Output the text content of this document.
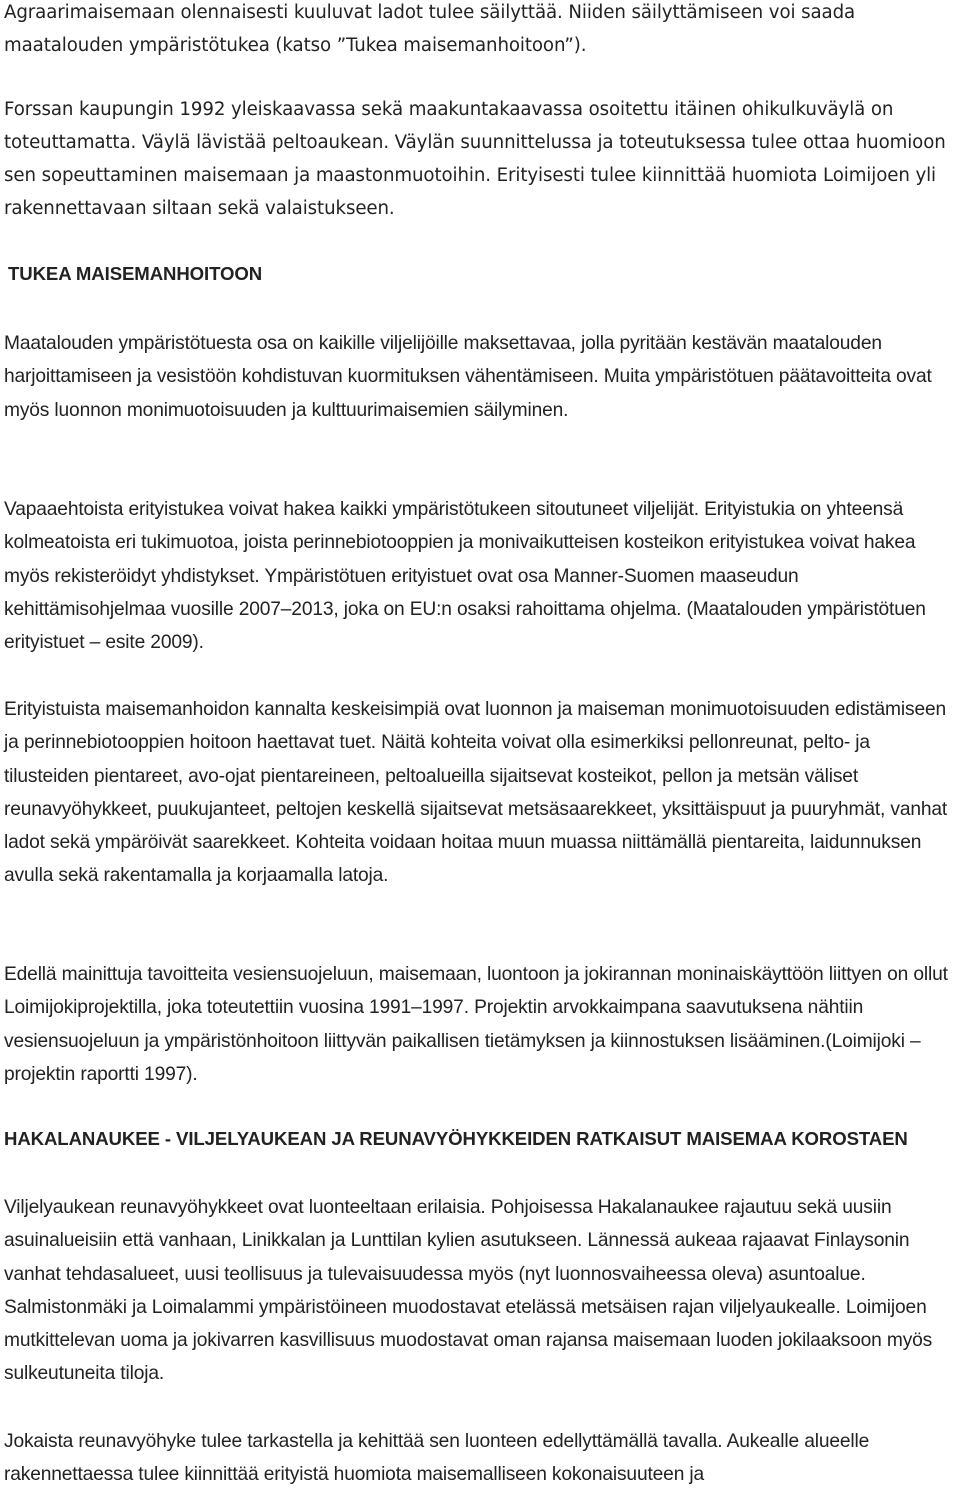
Agraarimaisemaan olennaisesti kuuluvat ladot tulee säilyttää. Niiden säilyttämiseen voi saada maatalouden ympäristötukea (katso ”Tukea maisemanhoitoon”).

Forssan kaupungin 1992 yleiskaavassa sekä maakuntakaavassa osoitettu itäinen ohikulkuväylä on toteuttamatta. Väylä lävistää peltoaukean. Väylän suunnittelussa ja toteutuksessa tulee ottaa huomioon sen sopeuttaminen maisemaan ja maastonmuotoihin. Erityisesti tulee kiinnittää huomiota Loimijoen yli rakennettavaan siltaan sekä valaistukseen.

TUKEA MAISEMANHOITOON

Maatalouden ympäristötuesta osa on kaikille viljelijöille maksettavaa, jolla pyritään kestävän maatalouden harjoittamiseen ja vesistöön kohdistuvan kuormituksen vähentämiseen. Muita ympäristötuen päätavoitteita ovat myös luonnon monimuotoisuuden ja kulttuurimaisemien säilyminen.

Vapaaehtoista erityistukea voivat hakea kaikki ympäristötukeen sitoutuneet viljelijät. Erityistukia on yhteensä kolmeatoista eri tukimuotoa, joista perinnebiotooppien ja monivaikutteisen kosteikon erityistukea voivat hakea myös rekisteröidyt yhdistykset. Ympäristötuen erityistuet ovat osa Manner-Suomen maaseudun kehittämisohjelmaa vuosille 2007–2013, joka on EU:n osaksi rahoittama ohjelma. (Maatalouden ympäristötuen erityistuet – esite 2009).

Erityistuista maisemanhoidon kannalta keskeisimpiä ovat luonnon ja maiseman monimuotoisuuden edistämiseen ja perinnebiotooppien hoitoon haettavat tuet. Näitä kohteita voivat olla esimerkiksi pellonreunat, pelto- ja tilusteiden pientareet, avo-ojat pientareineen, peltoalueilla sijaitsevat kosteikot, pellon ja metsän väliset reunavyöhykkeet, puukujanteet, peltojen keskellä sijaitsevat metsäsaarekkeet, yksittäispuut ja puuryhmät, vanhat ladot sekä ympäröivät saarekkeet. Kohteita voidaan hoitaa muun muassa niittämällä pientareita, laidunnuksen avulla sekä rakentamalla ja korjaamalla latoja.

Edellä mainittuja tavoitteita vesiensuojeluun, maisemaan, luontoon ja jokirannan moninaiskäyttöön liittyen on ollut Loimijokiprojektilla, joka toteutettiin vuosina 1991–1997. Projektin arvokkaimpana saavutuksena nähtiin vesiensuojeluun ja ympäristönhoitoon liittyvän paikallisen tietämyksen ja kiinnostuksen lisääminen.(Loimijoki – projektin raportti 1997).

HAKALANAUKEE - VILJELYAUKEAN JA REUNAVYÖHYKKEIDEN RATKAISUT MAISEMAA KOROSTAEN

Viljelyaukean reunavyöhykkeet ovat luonteeltaan erilaisia. Pohjoisessa Hakalanaukee rajautuu sekä uusiin asuinalueisiin että vanhaan, Linikkalan ja Lunttilan kylien asutukseen. Lännessä aukeaa rajaavat Finlaysonin vanhat tehdasalueet, uusi teollisuus ja tulevaisuudessa myös (nyt luonnosvaiheessa oleva) asuntoalue. Salmistonmäki ja Loimalammi ympäristöineen muodostavat etelässä metsäisen rajan viljelyaukealle. Loimijoen mutkittelevan uoma ja jokivarren kasvillisuus muodostavat oman rajansa maisemaan luoden jokilaaksoon myös sulkeutuneita tiloja.

Jokaista reunavyöhyke tulee tarkastella ja kehittää sen luonteen edellyttämällä tavalla. Aukealle alueelle rakennettaessa tulee kiinnittää erityistä huomiota maisemalliseen kokonaisuuteen ja
